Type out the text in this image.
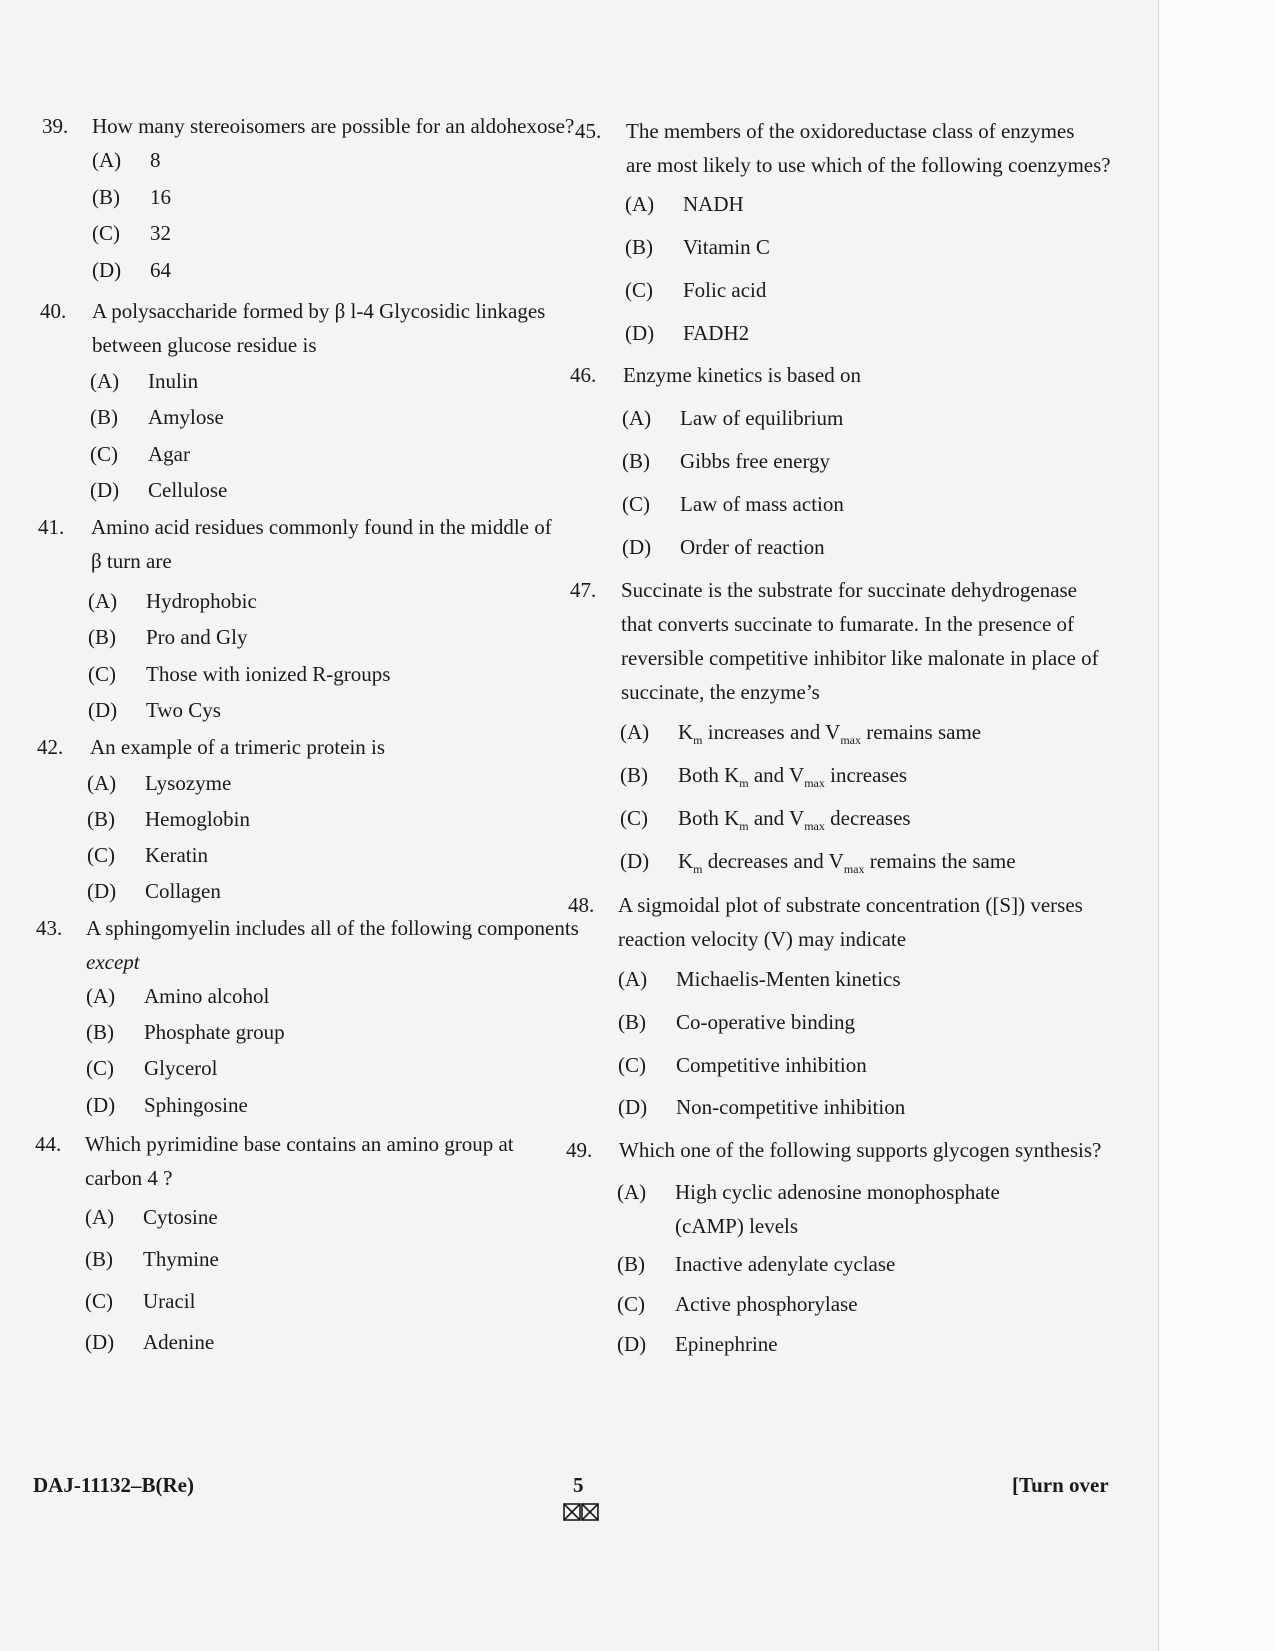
39. How many stereoisomers are possible for an aldohexose?
(A) 8
(B) 16
(C) 32
(D) 64
40. A polysaccharide formed by β l-4 Glycosidic linkages
between glucose residue is
(A) Inulin
(B) Amylose
(C) Agar
(D) Cellulose
41. Amino acid residues commonly found in the middle of
β turn are
(A) Hydrophobic
(B) Pro and Gly
(C) Those with ionized R-groups
(D) Two Cys
42. An example of a trimeric protein is
(A) Lysozyme
(B) Hemoglobin
(C) Keratin
(D) Collagen
43. A sphingomyelin includes all of the following components
except
(A) Amino alcohol
(B) Phosphate group
(C) Glycerol
(D) Sphingosine
44. Which pyrimidine base contains an amino group at
carbon 4 ?
(A) Cytosine
(B) Thymine
(C) Uracil
(D) Adenine
45. The members of the oxidoreductase class of enzymes
are most likely to use which of the following coenzymes?
(A) NADH
(B) Vitamin C
(C) Folic acid
(D) FADH2
46. Enzyme kinetics is based on
(A) Law of equilibrium
(B) Gibbs free energy
(C) Law of mass action
(D) Order of reaction
47. Succinate is the substrate for succinate dehydrogenase
that converts succinate to fumarate. In the presence of
reversible competitive inhibitor like malonate in place of
succinate, the enzyme’s
(A) $K_m$ increases and $V_{max}$ remains same
(B) Both $K_m$ and $V_{max}$ increases
(C) Both $K_m$ and $V_{max}$ decreases
(D) $K_m$ decreases and $V_{max}$ remains the same
48. A sigmoidal plot of substrate concentration ([S]) verses
reaction velocity (V) may indicate
(A) Michaelis-Menten kinetics
(B) Co-operative binding
(C) Competitive inhibition
(D) Non-competitive inhibition
49. Which one of the following supports glycogen synthesis?
(A)	High cyclic adenosine monophosphate (cAMP) levels
(B) Inactive adenylate cyclase
(C) Active phosphorylase
(D) Epinephrine
DAJ-11132–B(Re)	5	[Turn over
